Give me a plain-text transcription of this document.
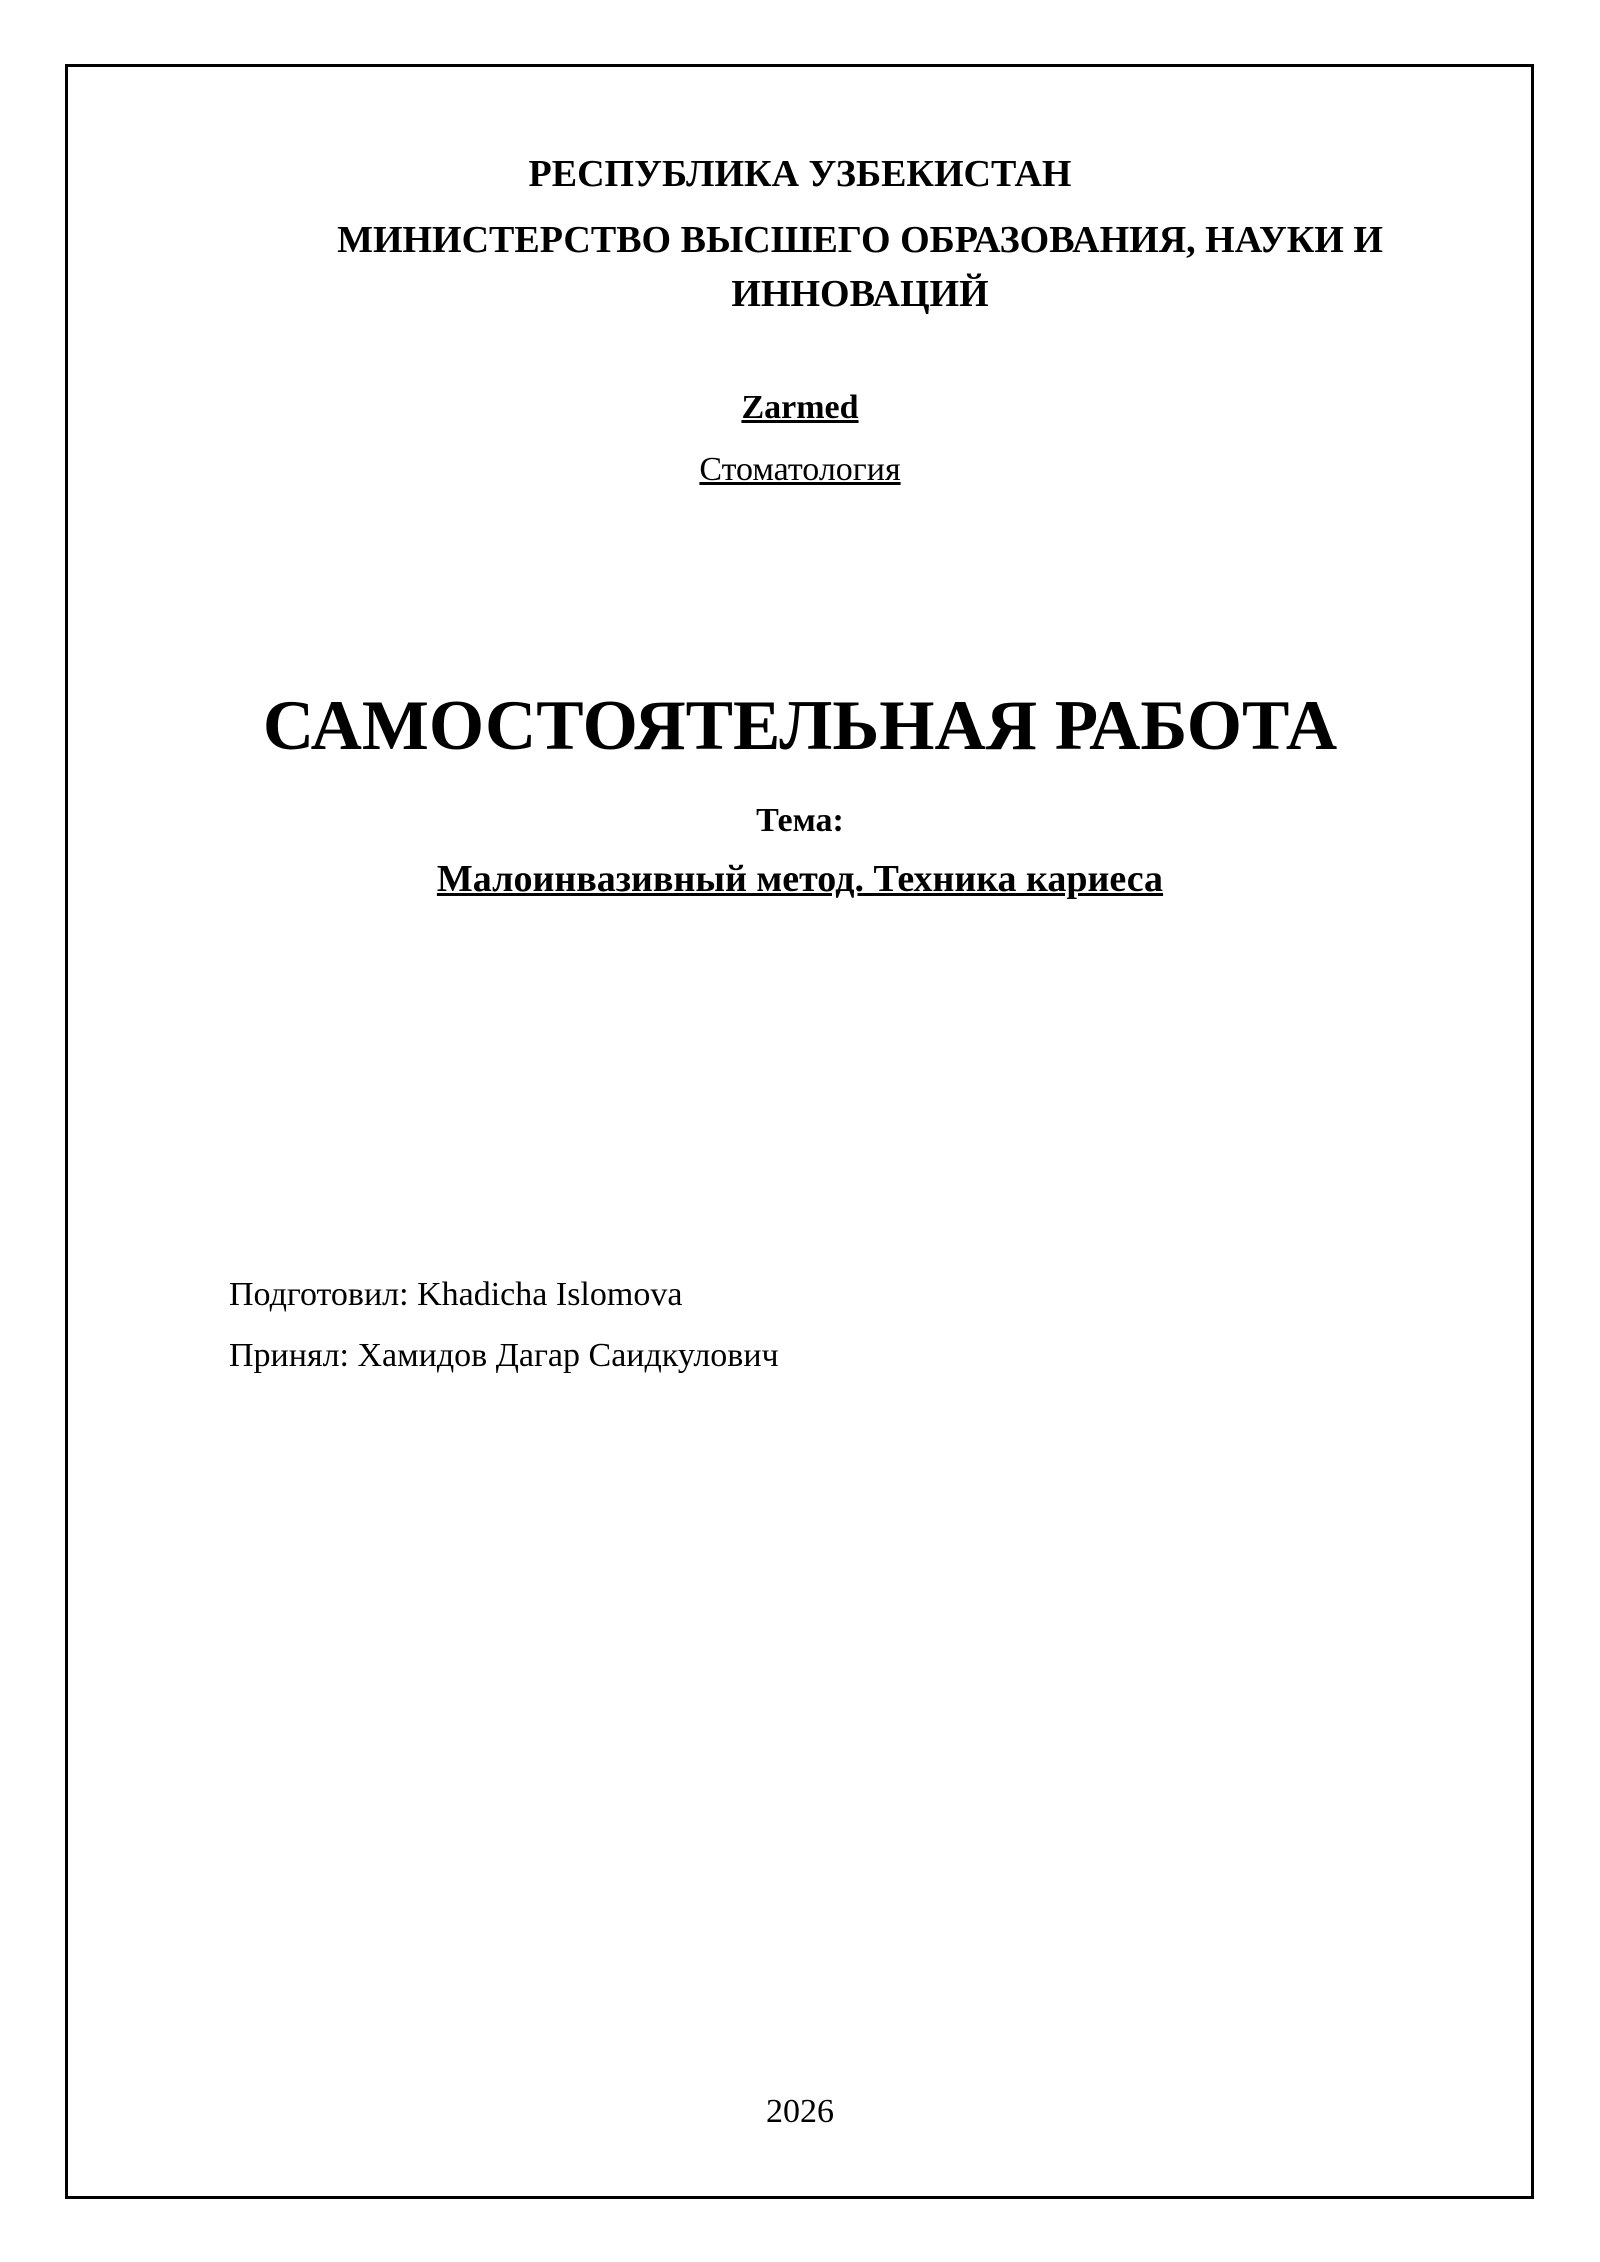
РЕСПУБЛИКА УЗБЕКИСТАН

МИНИСТЕРСТВО ВЫСШЕГО ОБРАЗОВАНИЯ, НАУКИ И ИННОВАЦИЙ

Zarmed

Стоматология

САМОСТОЯТЕЛЬНАЯ РАБОТА

Тема:

Малоинвазивный метод. Техника кариеса

Подготовил: Khadicha Islomova

Принял: Хамидов Дагар Саидкулович

2026
